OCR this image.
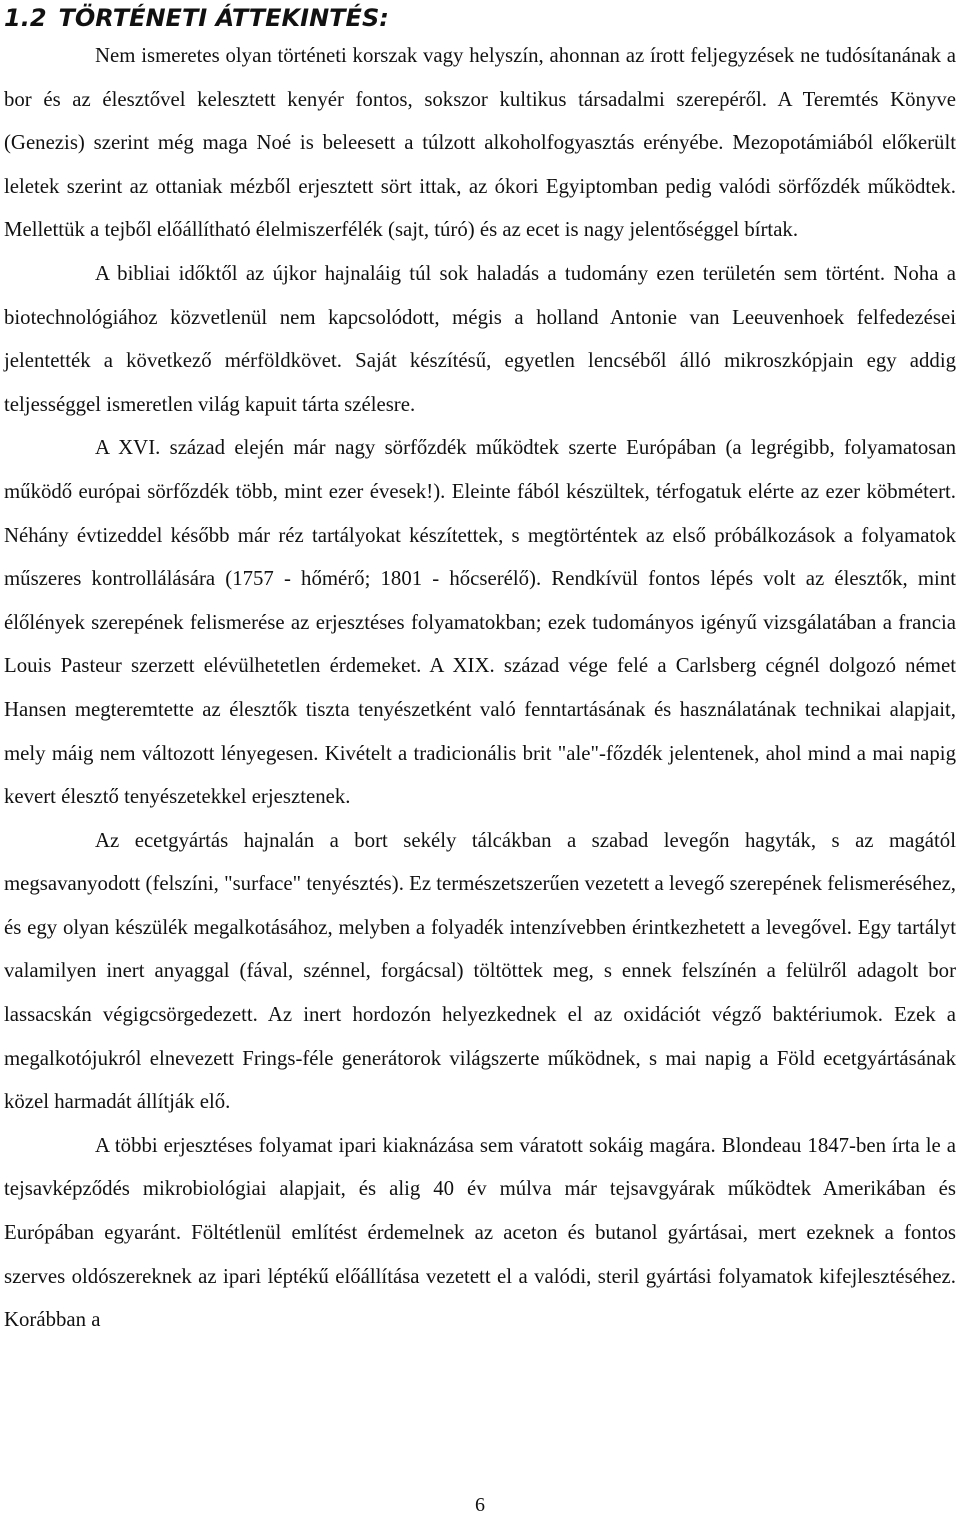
1.2 TÖRTÉNETI ÁTTEKINTÉS:

Nem ismeretes olyan történeti korszak vagy helyszín, ahonnan az írott feljegyzések ne tudósítanának a bor és az élesztővel kelesztett kenyér fontos, sokszor kultikus társadalmi szerepéről. A Teremtés Könyve (Genezis) szerint még maga Noé is beleesett a túlzott alkoholfogyasztás erényébe. Mezopotámiából előkerült leletek szerint az ottaniak mézből erjesztett sört ittak, az ókori Egyiptomban pedig valódi sörfőzdék működtek. Mellettük a tejből előállítható élelmiszerfélék (sajt, túró) és az ecet is nagy jelentőséggel bírtak.

A bibliai időktől az újkor hajnaláig túl sok haladás a tudomány ezen területén sem történt. Noha a biotechnológiához közvetlenül nem kapcsolódott, mégis a holland Antonie van Leeuvenhoek felfedezései jelentették a következő mérföldkövet. Saját készítésű, egyetlen lencséből álló mikroszkópjain egy addig teljességgel ismeretlen világ kapuit tárta szélesre.

A XVI. század elején már nagy sörfőzdék működtek szerte Európában (a legrégibb, folyamatosan működő európai sörfőzdék több, mint ezer évesek!). Eleinte fából készültek, térfogatuk elérte az ezer köbmétert. Néhány évtizeddel később már réz tartályokat készítettek, s megtörténtek az első próbálkozások a folyamatok műszeres kontrollálására (1757 - hőmérő; 1801 - hőcserélő). Rendkívül fontos lépés volt az élesztők, mint élőlények szerepének felismerése az erjesztéses folyamatokban; ezek tudományos igényű vizsgálatában a francia Louis Pasteur szerzett elévülhetetlen érdemeket. A XIX. század vége felé a Carlsberg cégnél dolgozó német Hansen megteremtette az élesztők tiszta tenyészetként való fenntartásának és használatának technikai alapjait, mely máig nem változott lényegesen. Kivételt a tradicionális brit "ale"-főzdék jelentenek, ahol mind a mai napig kevert élesztő tenyészetekkel erjesztenek.

Az ecetgyártás hajnalán a bort sekély tálcákban a szabad levegőn hagyták, s az magától megsavanyodott (felszíni, "surface" tenyésztés). Ez természetszerűen vezetett a levegő szerepének felismeréséhez, és egy olyan készülék megalkotásához, melyben a folyadék intenzívebben érintkezhetett a levegővel. Egy tartályt valamilyen inert anyaggal (fával, szénnel, forgácsal) töltöttek meg, s ennek felszínén a felülről adagolt bor lassacskán végigcsörgedezett. Az inert hordozón helyezkednek el az oxidációt végző baktériumok. Ezek a megalkotójukról elnevezett Frings-féle generátorok világszerte működnek, s mai napig a Föld ecetgyártásának közel harmadát állítják elő.

A többi erjesztéses folyamat ipari kiaknázása sem váratott sokáig magára. Blondeau 1847-ben írta le a tejsavképződés mikrobiológiai alapjait, és alig 40 év múlva már tejsavgyárak működtek Amerikában és Európában egyaránt. Föltétlenül említést érdemelnek az aceton és butanol gyártásai, mert ezeknek a fontos szerves oldószereknek az ipari léptékű előállítása vezetett el a valódi, steril gyártási folyamatok kifejlesztéséhez. Korábban a

6
